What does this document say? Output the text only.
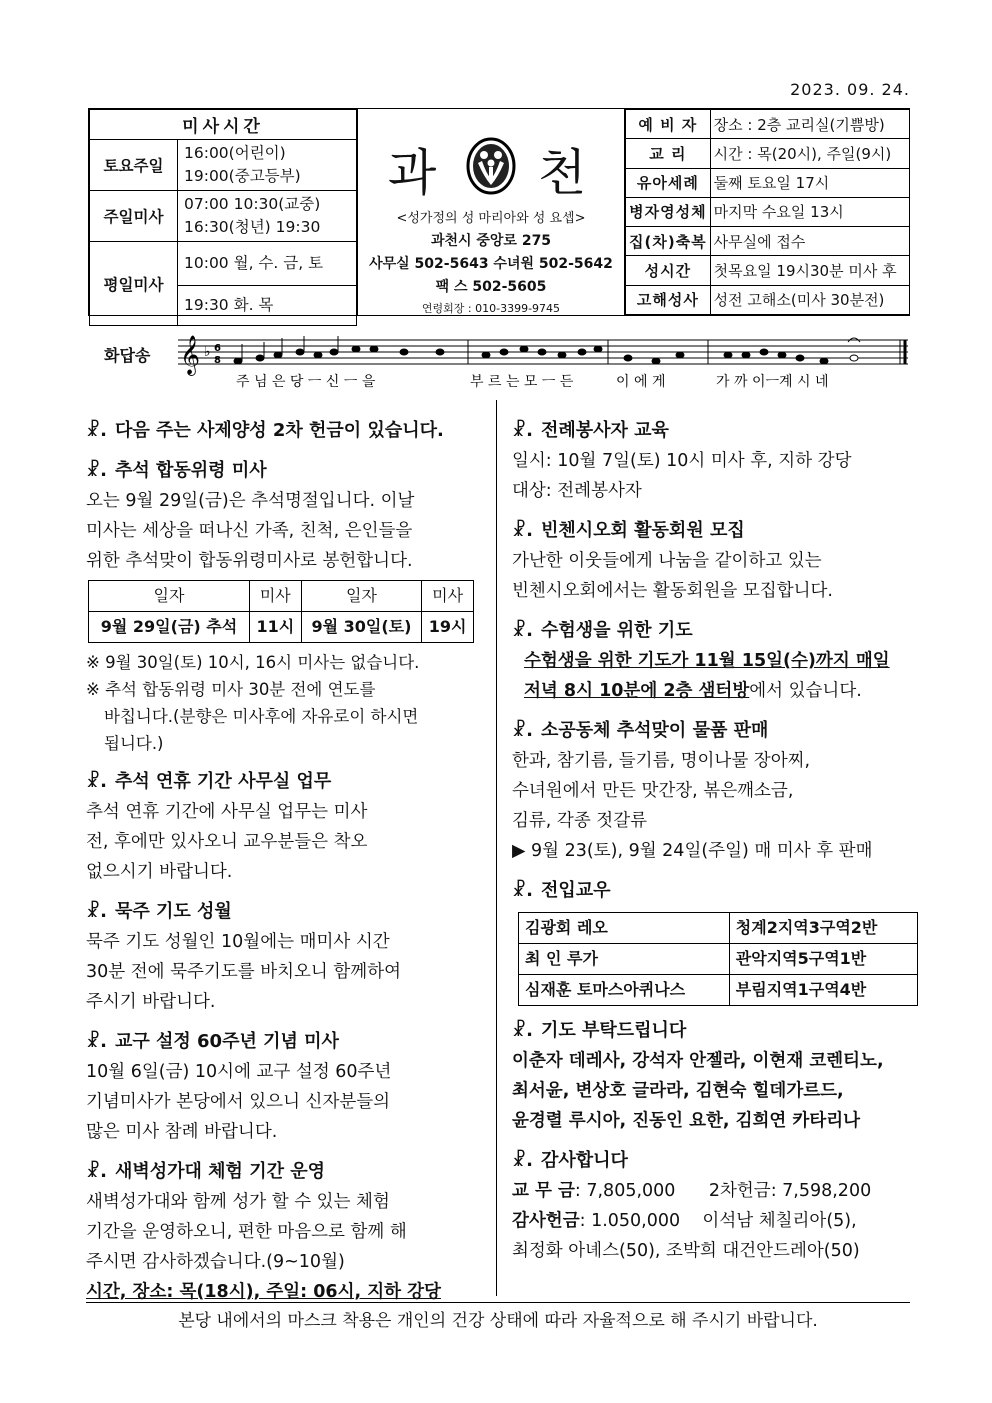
2023. 09. 24.
미사시간	
토요주일	16:00(어린이)
19:00(중고등부)

주일미사	07:00 10:30(교중)
16:30(청년) 19:30

평일미사	10:00 월, 수. 금, 토
	19:30 화. 목
과 천
<성가정의 성 마리아와 성 요셉>
과천시 중앙로 275
사무실 502-5643 수녀원 502-5642
팩 스 502-5605
연령회장 : 010-3399-9745
예 비 자	장소 : 2층 교리실(기쁨방)
교 리	시간 : 목(20시), 주일(9시)
유아세례	둘째 토요일 17시
병자영성체	마지막 수요일 13시
집(차)축복	사무실에 접수
성시간	첫목요일 19시30분 미사 후
고해성사	성전 고해소(미사 30분전)
화답송 𝄞 ♭ 6
8
주 님 은 당 ㅡ 신 ㅡ 을	부 르 는 모 ㅡ 든	이 에 게	가 까 이ㅡ계 시 네
☧. 다음 주는 사제양성 2차 헌금이 있습니다.
☧. 추석 합동위령 미사
오는 9월 29일(금)은 추석명절입니다. 이날
미사는 세상을 떠나신 가족, 친척, 은인들을
위한 추석맞이 합동위령미사로 봉헌합니다.
일자	미사	일자	미사
9월 29일(금) 추석	11시	9월 30일(토)	19시
※ 9월 30일(토) 10시, 16시 미사는 없습니다.
※ 추석 합동위령 미사 30분 전에 연도를
바칩니다.(분향은 미사후에 자유로이 하시면
됩니다.)
☧. 추석 연휴 기간 사무실 업무
추석 연휴 기간에 사무실 업무는 미사
전, 후에만 있사오니 교우분들은 착오
없으시기 바랍니다.
☧. 묵주 기도 성월
묵주 기도 성월인 10월에는 매미사 시간
30분 전에 묵주기도를 바치오니 함께하여
주시기 바랍니다.
☧. 교구 설정 60주년 기념 미사
10월 6일(금) 10시에 교구 설정 60주년
기념미사가 본당에서 있으니 신자분들의
많은 미사 참례 바랍니다.
☧. 새벽성가대 체험 기간 운영
새벽성가대와 함께 성가 할 수 있는 체험
기간을 운영하오니, 편한 마음으로 함께 해
주시면 감사하겠습니다.(9~10월)
시간, 장소: 목(18시), 주일: 06시, 지하 강당
☧. 전례봉사자 교육
일시: 10월 7일(토) 10시 미사 후, 지하 강당
대상: 전례봉사자
☧. 빈첸시오회 활동회원 모집
가난한 이웃들에게 나눔을 같이하고 있는
빈첸시오회에서는 활동회원을 모집합니다.
☧. 수험생을 위한 기도
수험생을 위한 기도가 11월 15일(수)까지 매일
저녁 8시 10분에 2층 샘터방에서 있습니다.
☧. 소공동체 추석맞이 물품 판매
한과, 참기름, 들기름, 명이나물 장아찌,
수녀원에서 만든 맛간장, 볶은깨소금,
김류, 각종 젓갈류
▶ 9월 23(토), 9월 24일(주일) 매 미사 후 판매
☧. 전입교우
김광회 레오	청계2지역3구역2반
최 인 루가	관악지역5구역1반
심재훈 토마스아퀴나스	부림지역1구역4반
☧. 기도 부탁드립니다
이춘자 데레사, 강석자 안젤라, 이현재 코렌티노,
최서윤, 변상호 글라라, 김현숙 힐데가르드,
윤경렬 루시아, 진동인 요한, 김희연 카타리나
☧. 감사합니다
교 무 금: 7,805,000 2차헌금: 7,598,200
감사헌금: 1.050,000 이석남 체칠리아(5),
최정화 아녜스(50), 조박희 대건안드레아(50)
본당 내에서의 마스크 착용은 개인의 건강 상태에 따라 자율적으로 해 주시기 바랍니다.
